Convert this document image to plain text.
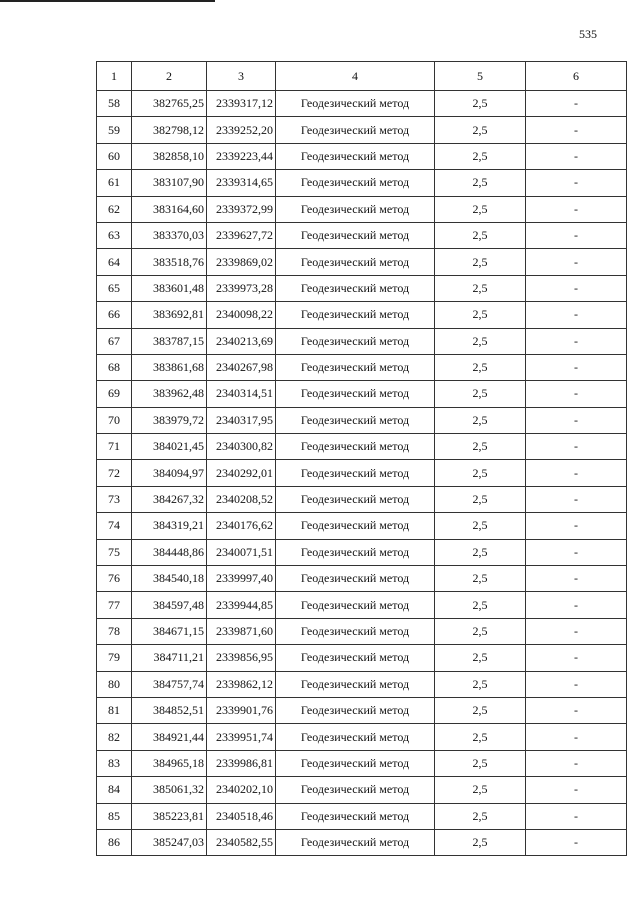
535
1	2	3	4	5	6
58	382765,25	2339317,12	Геодезический метод	2,5	-
59	382798,12	2339252,20	Геодезический метод	2,5	-
60	382858,10	2339223,44	Геодезический метод	2,5	-
61	383107,90	2339314,65	Геодезический метод	2,5	-
62	383164,60	2339372,99	Геодезический метод	2,5	-
63	383370,03	2339627,72	Геодезический метод	2,5	-
64	383518,76	2339869,02	Геодезический метод	2,5	-
65	383601,48	2339973,28	Геодезический метод	2,5	-
66	383692,81	2340098,22	Геодезический метод	2,5	-
67	383787,15	2340213,69	Геодезический метод	2,5	-
68	383861,68	2340267,98	Геодезический метод	2,5	-
69	383962,48	2340314,51	Геодезический метод	2,5	-
70	383979,72	2340317,95	Геодезический метод	2,5	-
71	384021,45	2340300,82	Геодезический метод	2,5	-
72	384094,97	2340292,01	Геодезический метод	2,5	-
73	384267,32	2340208,52	Геодезический метод	2,5	-
74	384319,21	2340176,62	Геодезический метод	2,5	-
75	384448,86	2340071,51	Геодезический метод	2,5	-
76	384540,18	2339997,40	Геодезический метод	2,5	-
77	384597,48	2339944,85	Геодезический метод	2,5	-
78	384671,15	2339871,60	Геодезический метод	2,5	-
79	384711,21	2339856,95	Геодезический метод	2,5	-
80	384757,74	2339862,12	Геодезический метод	2,5	-
81	384852,51	2339901,76	Геодезический метод	2,5	-
82	384921,44	2339951,74	Геодезический метод	2,5	-
83	384965,18	2339986,81	Геодезический метод	2,5	-
84	385061,32	2340202,10	Геодезический метод	2,5	-
85	385223,81	2340518,46	Геодезический метод	2,5	-
86	385247,03	2340582,55	Геодезический метод	2,5	-
